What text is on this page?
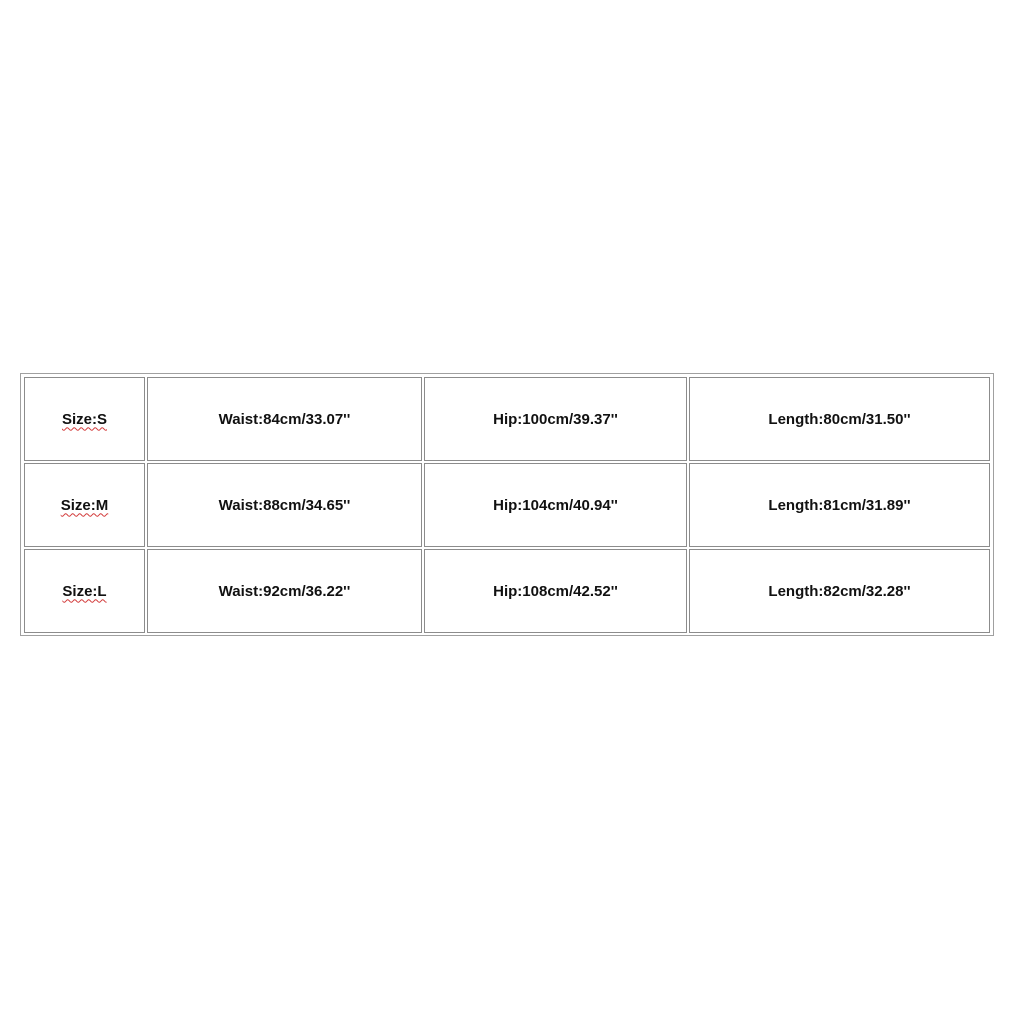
Size:S	Waist:84cm/33.07''	Hip:100cm/39.37''	Length:80cm/31.50''
Size:M	Waist:88cm/34.65''	Hip:104cm/40.94''	Length:81cm/31.89''
Size:L	Waist:92cm/36.22''	Hip:108cm/42.52''	Length:82cm/32.28''
